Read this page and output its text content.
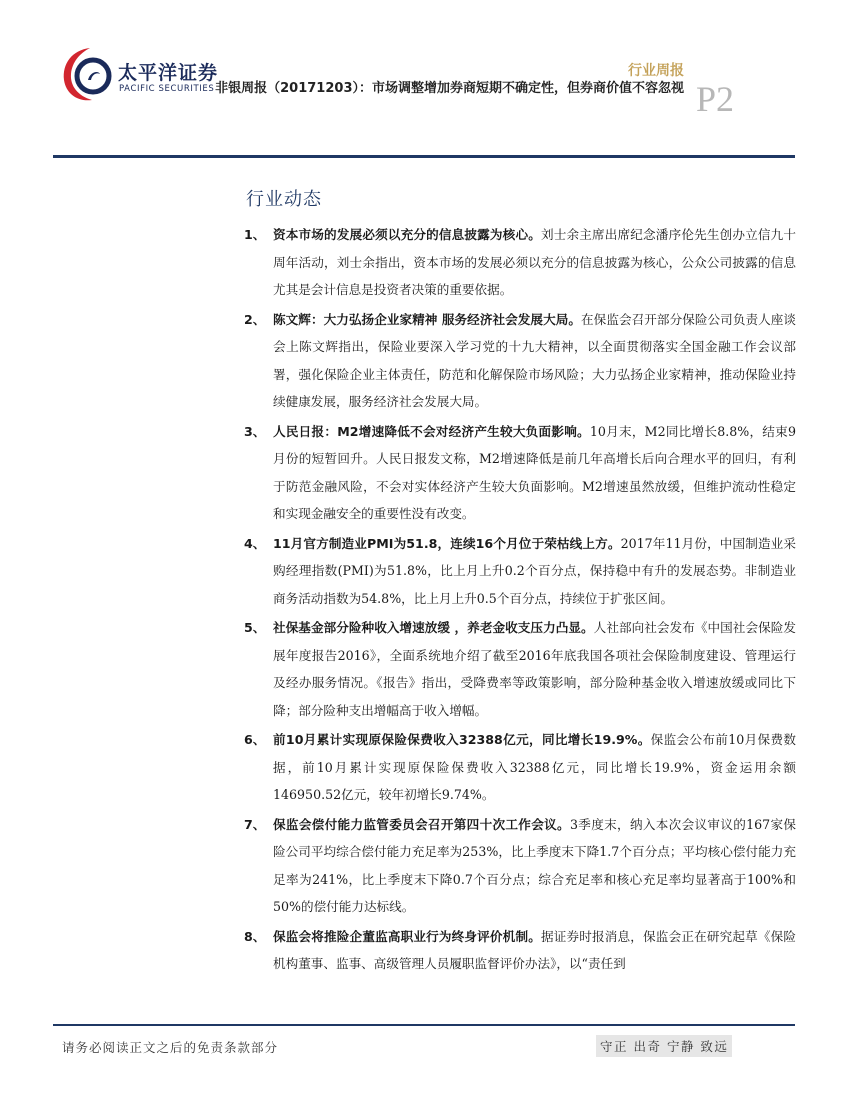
太平洋证券
PACIFIC SECURITIES
行业周报
非银周报（20171203）：市场调整增加券商短期不确定性，但券商价值不容忽视 P2
行业动态
1、 资本市场的发展必须以充分的信息披露为核心。刘士余主席出席纪念潘序伦先生创办立信九十周年活动，刘士余指出，资本市场的发展必须以充分的信息披露为核心，公众公司披露的信息尤其是会计信息是投资者决策的重要依据。
2、 陈文辉：大力弘扬企业家精神 服务经济社会发展大局。在保监会召开部分保险公司负责人座谈会上陈文辉指出，保险业要深入学习党的十九大精神，以全面贯彻落实全国金融工作会议部署，强化保险企业主体责任，防范和化解保险市场风险；大力弘扬企业家精神，推动保险业持续健康发展，服务经济社会发展大局。
3、 人民日报：M2增速降低不会对经济产生较大负面影响。10月末，M2同比增长8.8%，结束9月份的短暂回升。人民日报发文称，M2增速降低是前几年高增长后向合理水平的回归，有利于防范金融风险，不会对实体经济产生较大负面影响。M2增速虽然放缓，但维护流动性稳定和实现金融安全的重要性没有改变。
4、 11月官方制造业PMI为51.8，连续16个月位于荣枯线上方。2017年11月份，中国制造业采购经理指数(PMI)为51.8%，比上月上升0.2个百分点，保持稳中有升的发展态势。非制造业商务活动指数为54.8%，比上月上升0.5个百分点，持续位于扩张区间。
5、 社保基金部分险种收入增速放缓 ，养老金收支压力凸显。人社部向社会发布《中国社会保险发展年度报告2016》，全面系统地介绍了截至2016年底我国各项社会保险制度建设、管理运行及经办服务情况。《报告》指出，受降费率等政策影响，部分险种基金收入增速放缓或同比下降；部分险种支出增幅高于收入增幅。
6、 前10月累计实现原保险保费收入32388亿元，同比增长19.9%。保监会公布前10月保费数据，前10月累计实现原保险保费收入32388亿元，同比增长19.9%，资金运用余额146950.52亿元，较年初增长9.74%。
7、 保监会偿付能力监管委员会召开第四十次工作会议。3季度末，纳入本次会议审议的167家保险公司平均综合偿付能力充足率为253%，比上季度末下降1.7个百分点；平均核心偿付能力充足率为241%，比上季度末下降0.7个百分点；综合充足率和核心充足率均显著高于100%和50%的偿付能力达标线。
8、 保监会将推险企董监高职业行为终身评价机制。据证券时报消息，保监会正在研究起草《保险机构董事、监事、高级管理人员履职监督评价办法》，以“责任到
请务必阅读正文之后的免责条款部分	守正 出奇 宁静 致远
